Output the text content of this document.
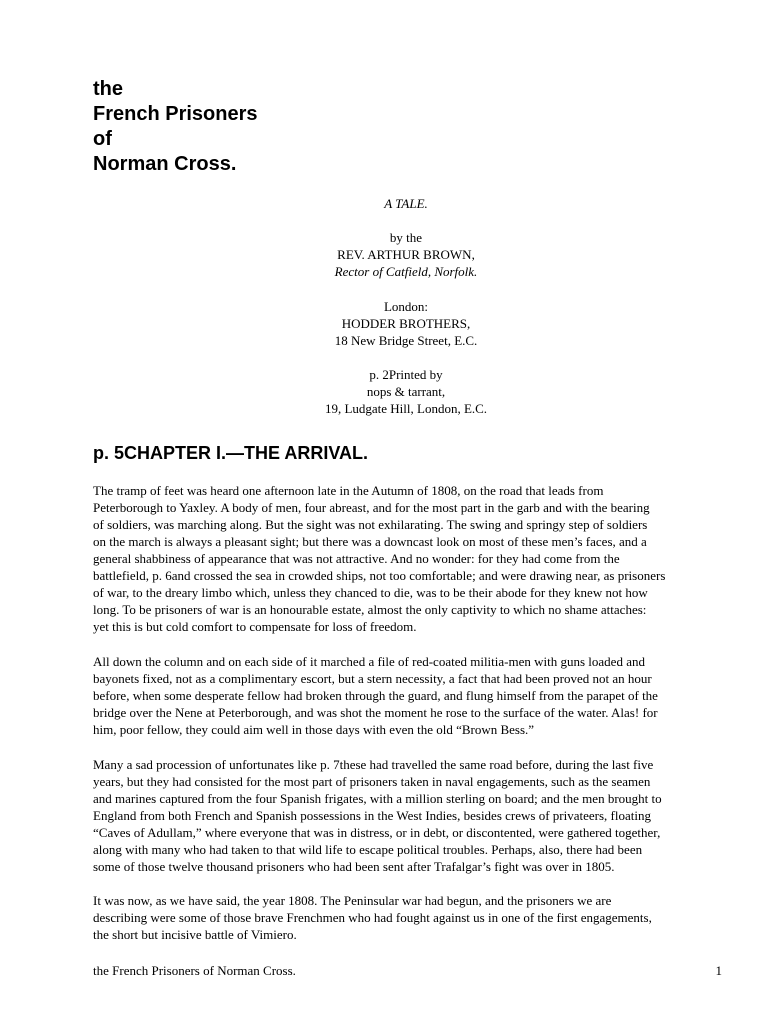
the
French Prisoners
of
Norman Cross.
A TALE.
by the
REV. ARTHUR BROWN,
Rector of Catfield, Norfolk.
London:
HODDER BROTHERS,
18 New Bridge Street, E.C.
p. 2Printed by
nops & tarrant,
19, Ludgate Hill, London, E.C.
p. 5CHAPTER I.—THE ARRIVAL.

The tramp of feet was heard one afternoon late in the Autumn of 1808, on the road that leads from
Peterborough to Yaxley. A body of men, four abreast, and for the most part in the garb and with the bearing
of soldiers, was marching along. But the sight was not exhilarating. The swing and springy step of soldiers
on the march is always a pleasant sight; but there was a downcast look on most of these men’s faces, and a
general shabbiness of appearance that was not attractive. And no wonder: for they had come from the
battlefield, p. 6and crossed the sea in crowded ships, not too comfortable; and were drawing near, as prisoners
of war, to the dreary limbo which, unless they chanced to die, was to be their abode for they knew not how
long. To be prisoners of war is an honourable estate, almost the only captivity to which no shame attaches:
yet this is but cold comfort to compensate for loss of freedom.

All down the column and on each side of it marched a file of red-coated militia-men with guns loaded and
bayonets fixed, not as a complimentary escort, but a stern necessity, a fact that had been proved not an hour
before, when some desperate fellow had broken through the guard, and flung himself from the parapet of the
bridge over the Nene at Peterborough, and was shot the moment he rose to the surface of the water. Alas! for
him, poor fellow, they could aim well in those days with even the old “Brown Bess.”

Many a sad procession of unfortunates like p. 7these had travelled the same road before, during the last five
years, but they had consisted for the most part of prisoners taken in naval engagements, such as the seamen
and marines captured from the four Spanish frigates, with a million sterling on board; and the men brought to
England from both French and Spanish possessions in the West Indies, besides crews of privateers, floating
“Caves of Adullam,” where everyone that was in distress, or in debt, or discontented, were gathered together,
along with many who had taken to that wild life to escape political troubles. Perhaps, also, there had been
some of those twelve thousand prisoners who had been sent after Trafalgar’s fight was over in 1805.

It was now, as we have said, the year 1808. The Peninsular war had begun, and the prisoners we are
describing were some of those brave Frenchmen who had fought against us in one of the first engagements,
the short but incisive battle of Vimiero.

the French Prisoners of Norman Cross.	1
